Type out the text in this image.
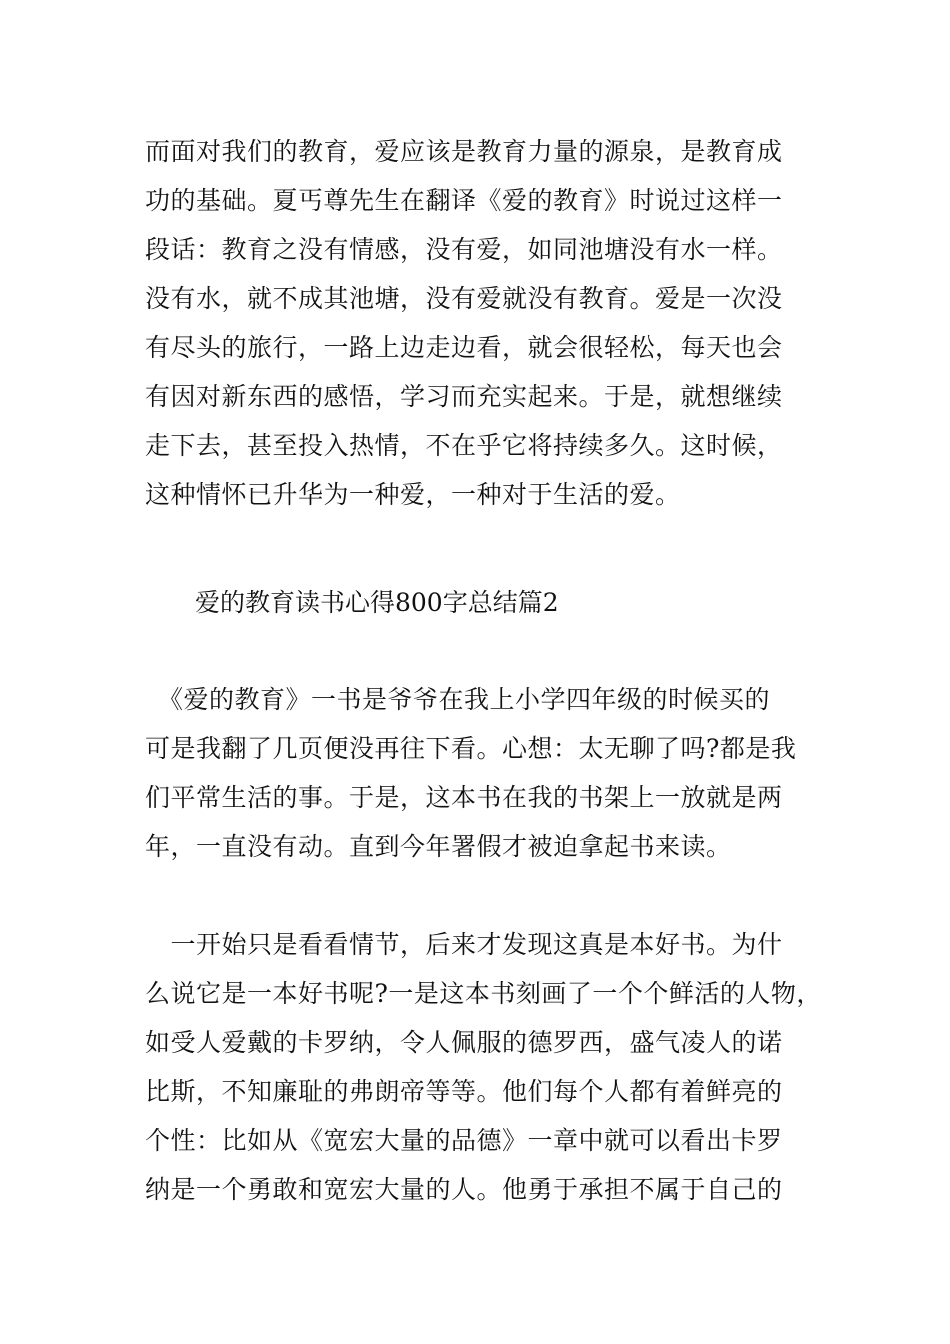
而面对我们的教育，爱应该是教育力量的源泉，是教育成
功的基础。夏丐尊先生在翻译《爱的教育》时说过这样一
段话：教育之没有情感，没有爱，如同池塘没有水一样。
没有水，就不成其池塘，没有爱就没有教育。爱是一次没
有尽头的旅行，一路上边走边看，就会很轻松，每天也会
有因对新东西的感悟，学习而充实起来。于是，就想继续
走下去，甚至投入热情，不在乎它将持续多久。这时候，
这种情怀已升华为一种爱，一种对于生活的爱。
爱的教育读书心得800字总结篇2
　《爱的教育》一书是爷爷在我上小学四年级的时候买的
可是我翻了几页便没再往下看。心想：太无聊了吗?都是我
们平常生活的事。于是，这本书在我的书架上一放就是两
年，一直没有动。直到今年署假才被迫拿起书来读。
　一开始只是看看情节，后来才发现这真是本好书。为什
么说它是一本好书呢?一是这本书刻画了一个个鲜活的人物，
如受人爱戴的卡罗纳，令人佩服的德罗西，盛气凌人的诺
比斯，不知廉耻的弗朗帝等等。他们每个人都有着鲜亮的
个性：比如从《宽宏大量的品德》一章中就可以看出卡罗
纳是一个勇敢和宽宏大量的人。他勇于承担不属于自己的
